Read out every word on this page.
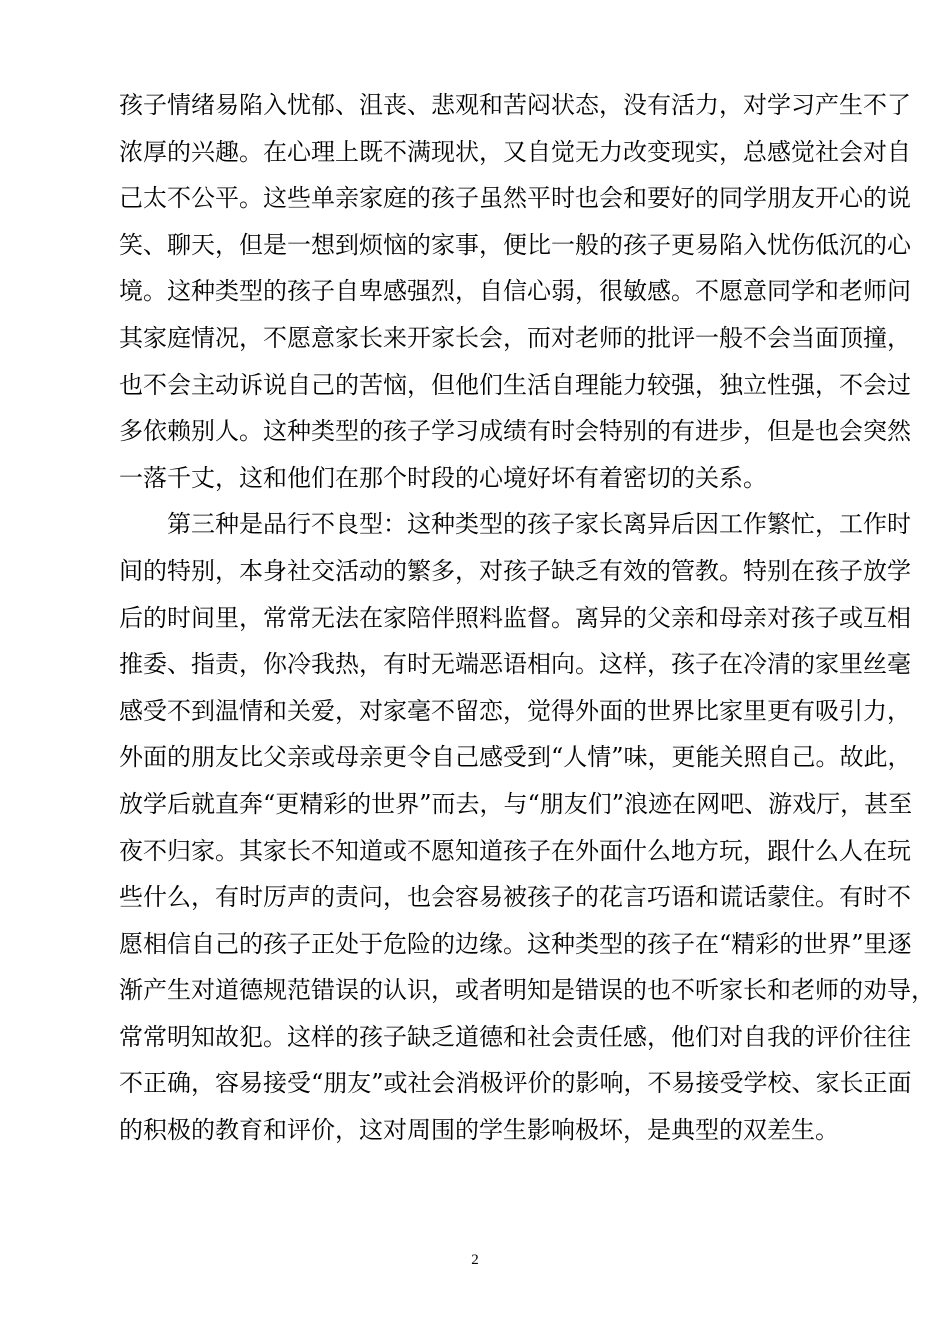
孩子情绪易陷入忧郁、沮丧、悲观和苦闷状态，没有活力，对学习产生不了
浓厚的兴趣。在心理上既不满现状，又自觉无力改变现实，总感觉社会对自
己太不公平。这些单亲家庭的孩子虽然平时也会和要好的同学朋友开心的说
笑、聊天，但是一想到烦恼的家事，便比一般的孩子更易陷入忧伤低沉的心
境。这种类型的孩子自卑感强烈，自信心弱，很敏感。不愿意同学和老师问
其家庭情况，不愿意家长来开家长会，而对老师的批评一般不会当面顶撞，
也不会主动诉说自己的苦恼，但他们生活自理能力较强，独立性强，不会过
多依赖别人。这种类型的孩子学习成绩有时会特别的有进步，但是也会突然
一落千丈，这和他们在那个时段的心境好坏有着密切的关系。
第三种是品行不良型：这种类型的孩子家长离异后因工作繁忙，工作时
间的特别，本身社交活动的繁多，对孩子缺乏有效的管教。特别在孩子放学
后的时间里，常常无法在家陪伴照料监督。离异的父亲和母亲对孩子或互相
推委、指责，你冷我热，有时无端恶语相向。这样，孩子在冷清的家里丝毫
感受不到温情和关爱，对家毫不留恋，觉得外面的世界比家里更有吸引力，
外面的朋友比父亲或母亲更令自己感受到“人情”味，更能关照自己。故此，
放学后就直奔“更精彩的世界”而去，与“朋友们”浪迹在网吧、游戏厅，甚至
夜不归家。其家长不知道或不愿知道孩子在外面什么地方玩，跟什么人在玩
些什么，有时厉声的责问，也会容易被孩子的花言巧语和谎话蒙住。有时不
愿相信自己的孩子正处于危险的边缘。这种类型的孩子在“精彩的世界”里逐
渐产生对道德规范错误的认识，或者明知是错误的也不听家长和老师的劝导，
常常明知故犯。这样的孩子缺乏道德和社会责任感，他们对自我的评价往往
不正确，容易接受“朋友”或社会消极评价的影响，不易接受学校、家长正面
的积极的教育和评价，这对周围的学生影响极坏，是典型的双差生。
2
